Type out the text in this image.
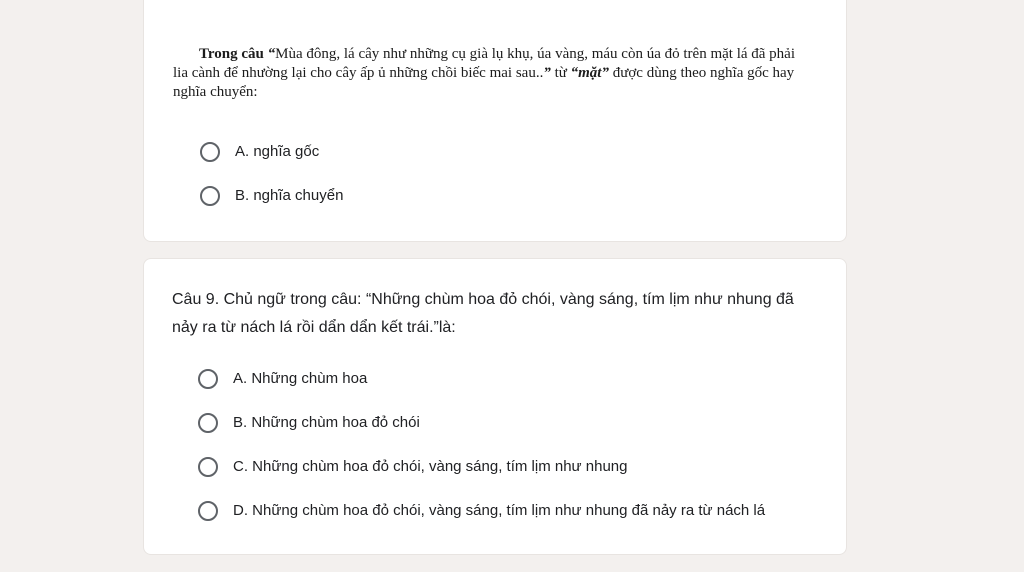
Trong câu “Mùa đông, lá cây như những cụ già lụ khụ, úa vàng, máu còn úa đỏ trên mặt lá đã phải lia cành để nhường lại cho cây ấp ủ những chồi biếc mai sau..” từ “mặt” được dùng theo nghĩa gốc hay nghĩa chuyển:

A. nghĩa gốc
B. nghĩa chuyển

Câu 9. Chủ ngữ trong câu: “Những chùm hoa đỏ chói, vàng sáng, tím lịm như nhung đã nảy ra từ nách lá rồi dẩn dẩn kết trái.”là:

A. Những chùm hoa
B. Những chùm hoa đỏ chói
C. Những chùm hoa đỏ chói, vàng sáng, tím lịm như nhung
D. Những chùm hoa đỏ chói, vàng sáng, tím lịm như nhung đã nảy ra từ nách lá
